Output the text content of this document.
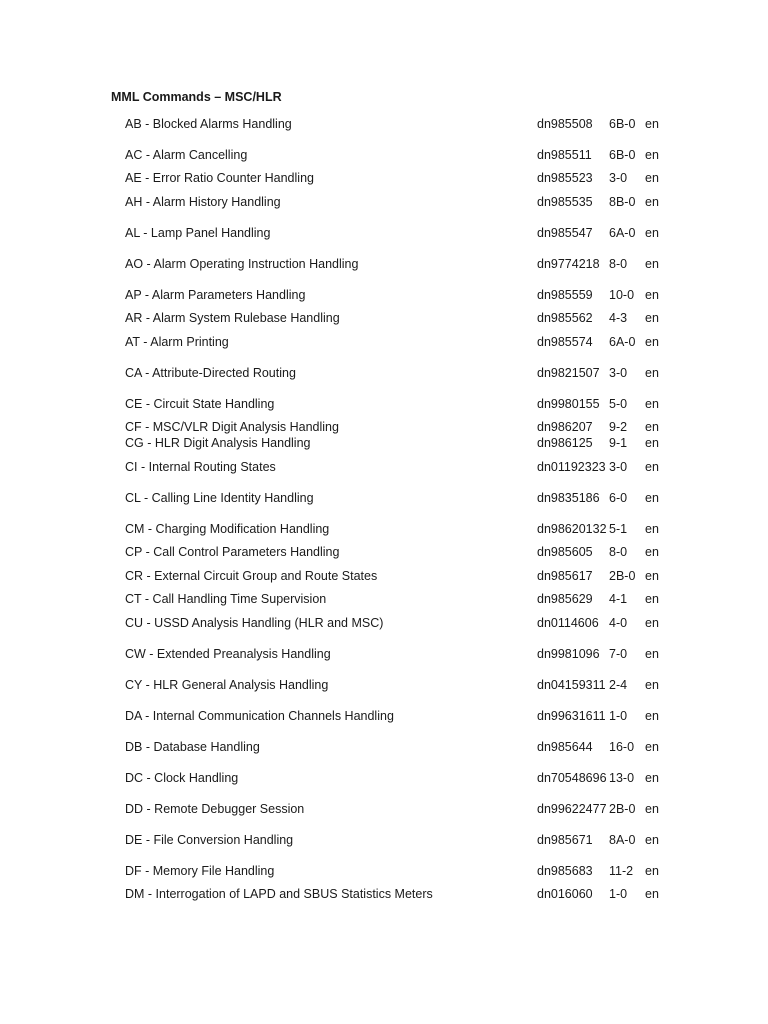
MML Commands – MSC/HLR
AB - Blocked Alarms Handling	dn985508	6B-0	en
AC - Alarm Cancelling	dn985511	6B-0	en
AE - Error Ratio Counter Handling	dn985523	3-0	en
AH - Alarm History Handling	dn985535	8B-0	en
AL - Lamp Panel Handling	dn985547	6A-0	en
AO - Alarm Operating Instruction Handling	dn9774218	8-0	en
AP - Alarm Parameters Handling	dn985559	10-0	en
AR - Alarm System Rulebase Handling	dn985562	4-3	en
AT - Alarm Printing	dn985574	6A-0	en
CA - Attribute-Directed Routing	dn9821507	3-0	en
CE - Circuit State Handling	dn9980155	5-0	en
CF - MSC/VLR Digit Analysis Handling	dn986207	9-2	en
CG - HLR Digit Analysis Handling	dn986125	9-1	en
CI - Internal Routing States	dn01192323	3-0	en
CL - Calling Line Identity Handling	dn9835186	6-0	en
CM - Charging Modification Handling	dn98620132	5-1	en
CP - Call Control Parameters Handling	dn985605	8-0	en
CR - External Circuit Group and Route States	dn985617	2B-0	en
CT - Call Handling Time Supervision	dn985629	4-1	en
CU - USSD Analysis Handling (HLR and MSC)	dn0114606	4-0	en
CW - Extended Preanalysis Handling	dn9981096	7-0	en
CY - HLR General Analysis Handling	dn04159311	2-4	en
DA - Internal Communication Channels Handling	dn99631611	1-0	en
DB - Database Handling	dn985644	16-0	en
DC - Clock Handling	dn70548696	13-0	en
DD - Remote Debugger Session	dn99622477	2B-0	en
DE - File Conversion Handling	dn985671	8A-0	en
DF - Memory File Handling	dn985683	11-2	en
DM - Interrogation of LAPD and SBUS Statistics Meters	dn016060	1-0	en
